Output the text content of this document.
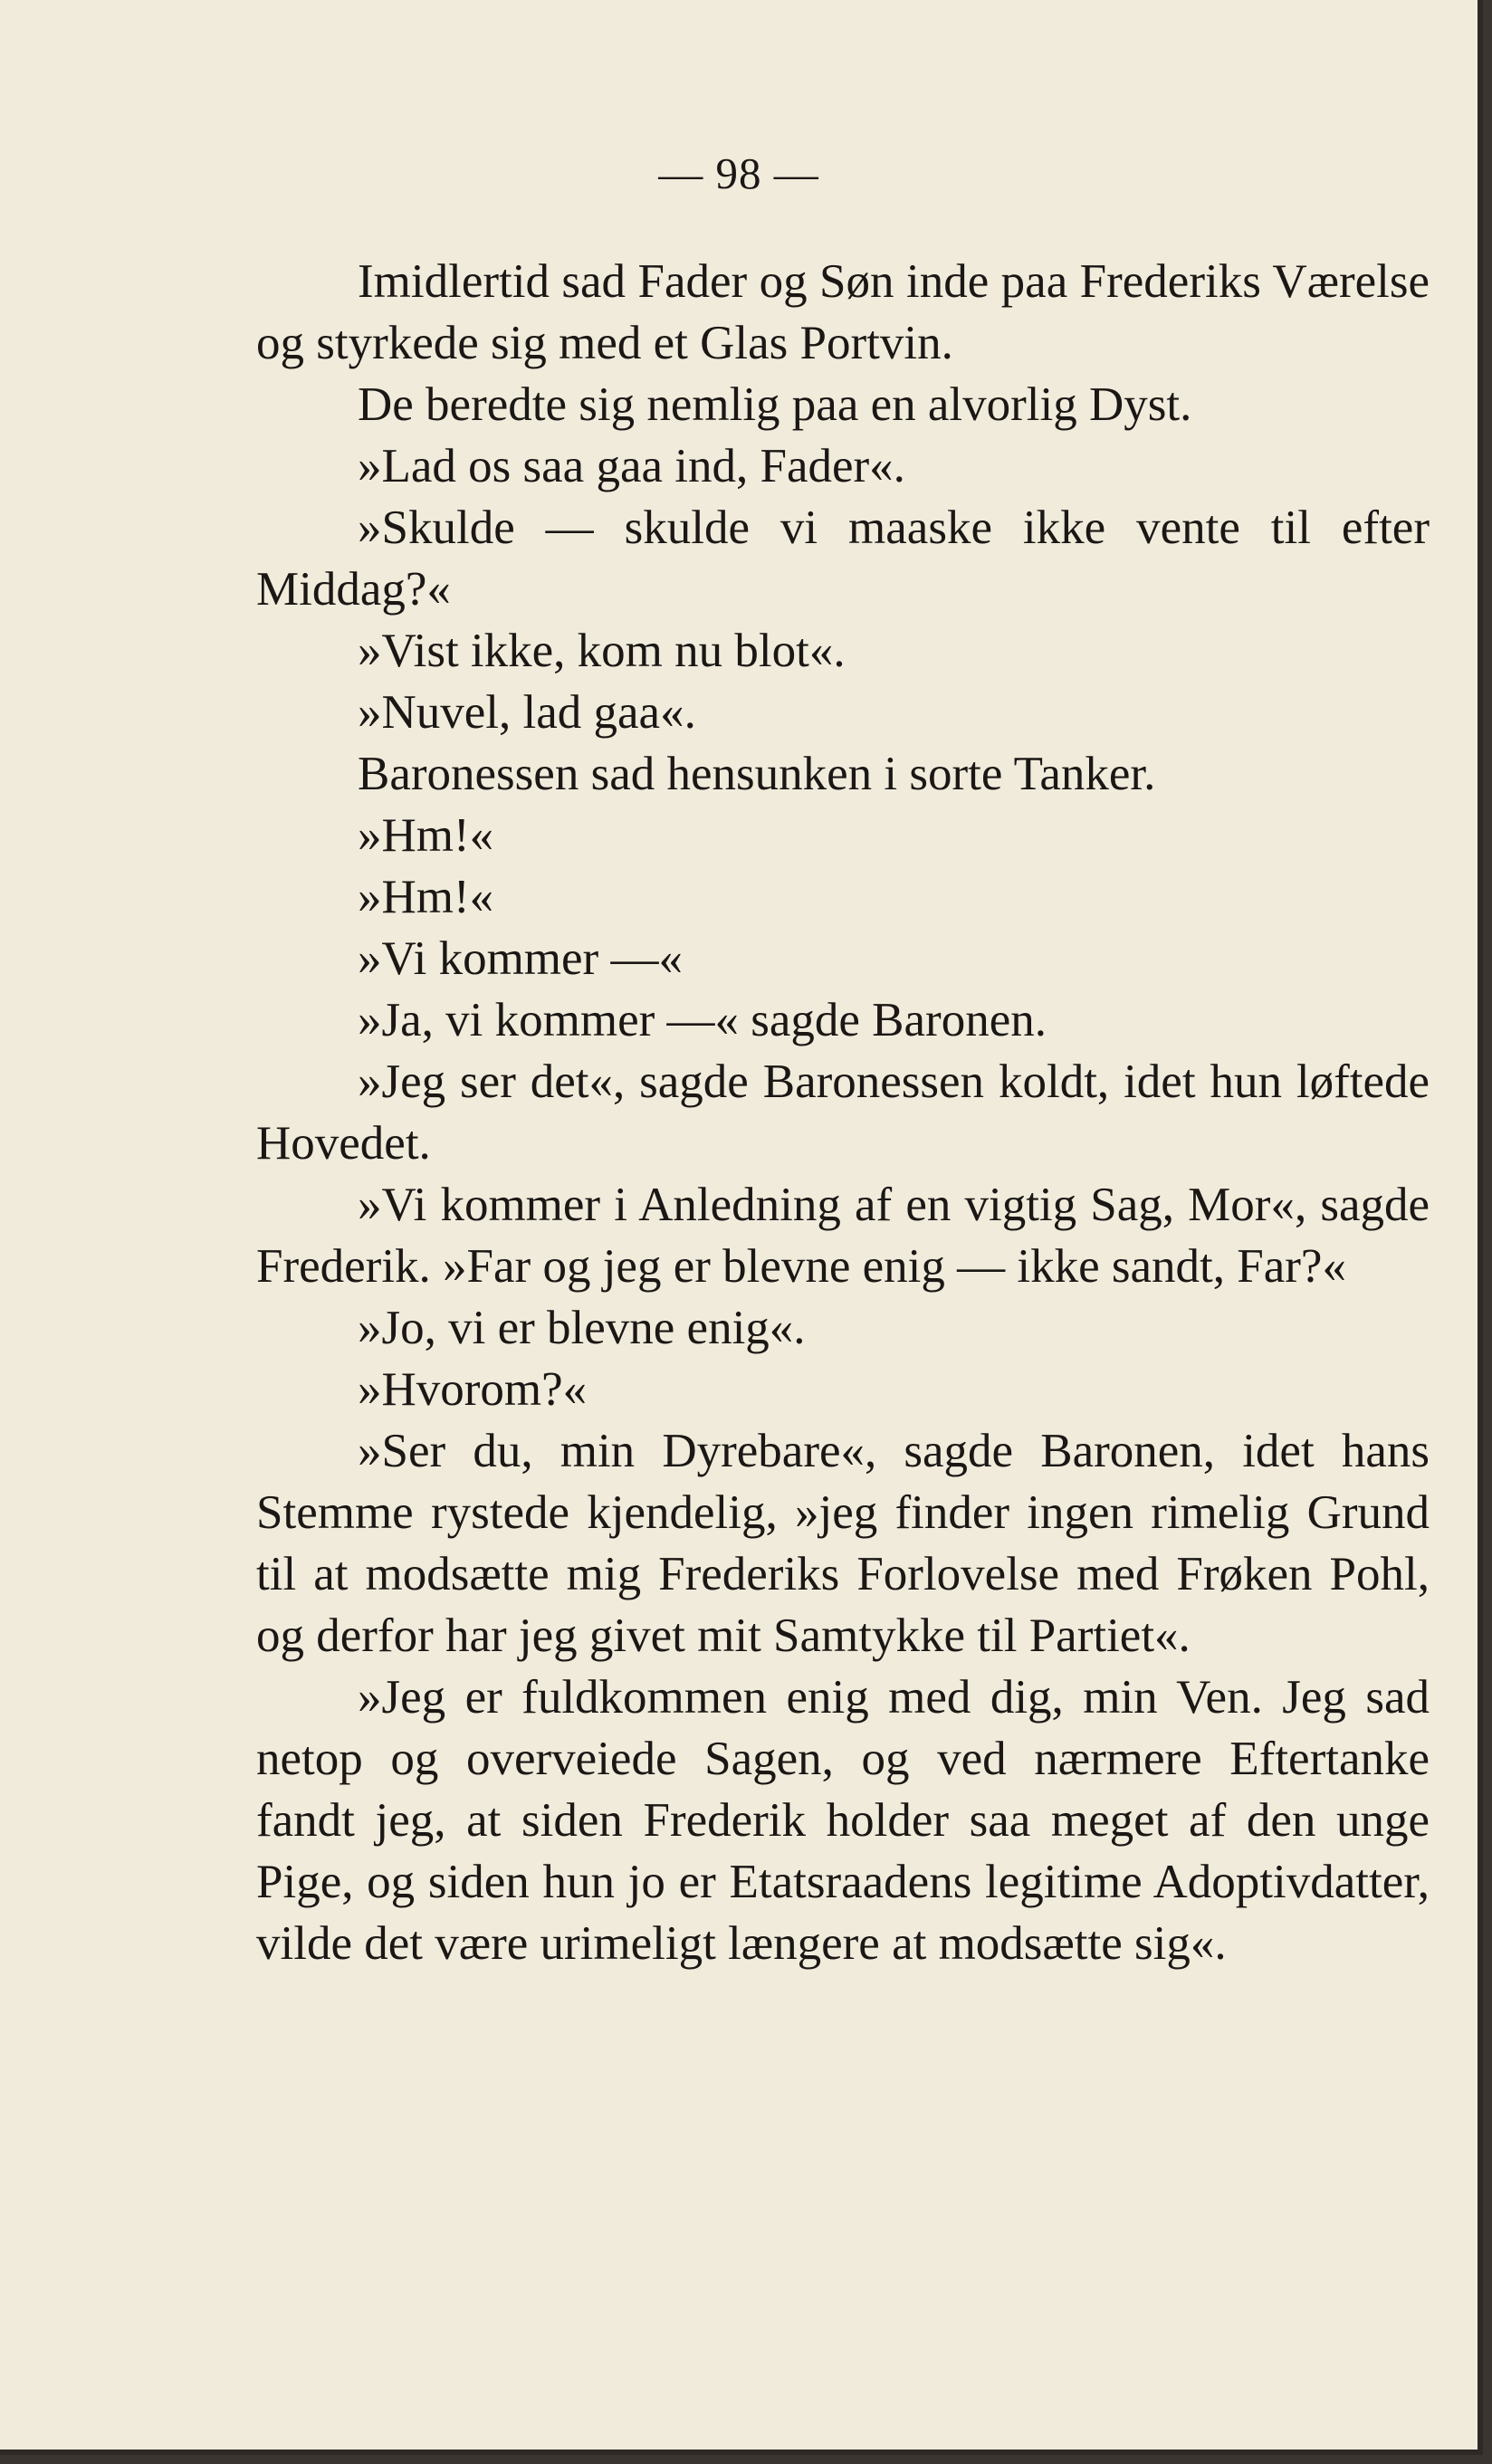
— 98 —

Imidlertid sad Fader og Søn inde paa Frederiks Værelse og styrkede sig med et Glas Portvin.

De beredte sig nemlig paa en alvorlig Dyst.

»Lad os saa gaa ind, Fader«.

»Skulde — skulde vi maaske ikke vente til efter Middag?«

»Vist ikke, kom nu blot«.

»Nuvel, lad gaa«.

Baronessen sad hensunken i sorte Tanker.

»Hm!«

»Hm!«

»Vi kommer —«

»Ja, vi kommer —« sagde Baronen.

»Jeg ser det«, sagde Baronessen koldt, idet hun løftede Hovedet.

»Vi kommer i Anledning af en vigtig Sag, Mor«, sagde Frederik. »Far og jeg er blevne enig — ikke sandt, Far?«

»Jo, vi er blevne enig«.

»Hvorom?«

»Ser du, min Dyrebare«, sagde Baronen, idet hans Stemme rystede kjendelig, »jeg finder ingen rimelig Grund til at modsætte mig Frederiks Forlovelse med Frøken Pohl, og derfor har jeg givet mit Samtykke til Partiet«.

»Jeg er fuldkommen enig med dig, min Ven. Jeg sad netop og overveiede Sagen, og ved nærmere Eftertanke fandt jeg, at siden Frederik holder saa meget af den unge Pige, og siden hun jo er Etatsraadens legitime Adoptivdatter, vilde det være urimeligt længere at modsætte sig«.
